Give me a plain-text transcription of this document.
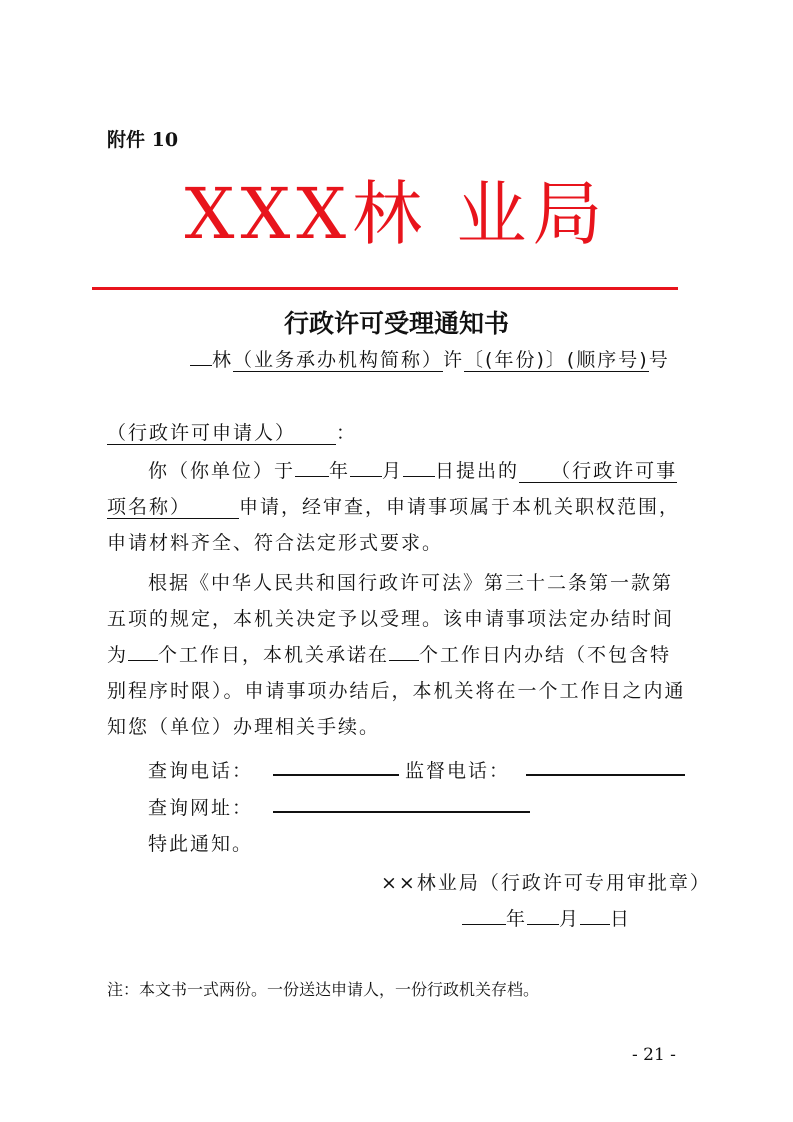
附件 10
XXX林 业局
行政许可受理通知书
林（业务承办机构简称）许〔(年份)〕(顺序号)号
（行政许可申请人） ：
你（你单位）于 年 月 日提出的 （行政许可事
项名称）	申请，经审查，申请事项属于本机关职权范围，
申请材料齐全、符合法定形式要求。
根据《中华人民共和国行政许可法》第三十二条第一款第
五项的规定，本机关决定予以受理。该申请事项法定办结时间
为 个工作日，本机关承诺在 个工作日内办结（不包含特
别程序时限）。申请事项办结后，本机关将在一个工作日之内通
知您（单位）办理相关手续。
查询电话：	监督电话：
查询网址：
特此通知。
××林业局（行政许可专用审批章）
年 月 日
注：本文书一式两份。一份送达申请人，一份行政机关存档。
- 21 -
